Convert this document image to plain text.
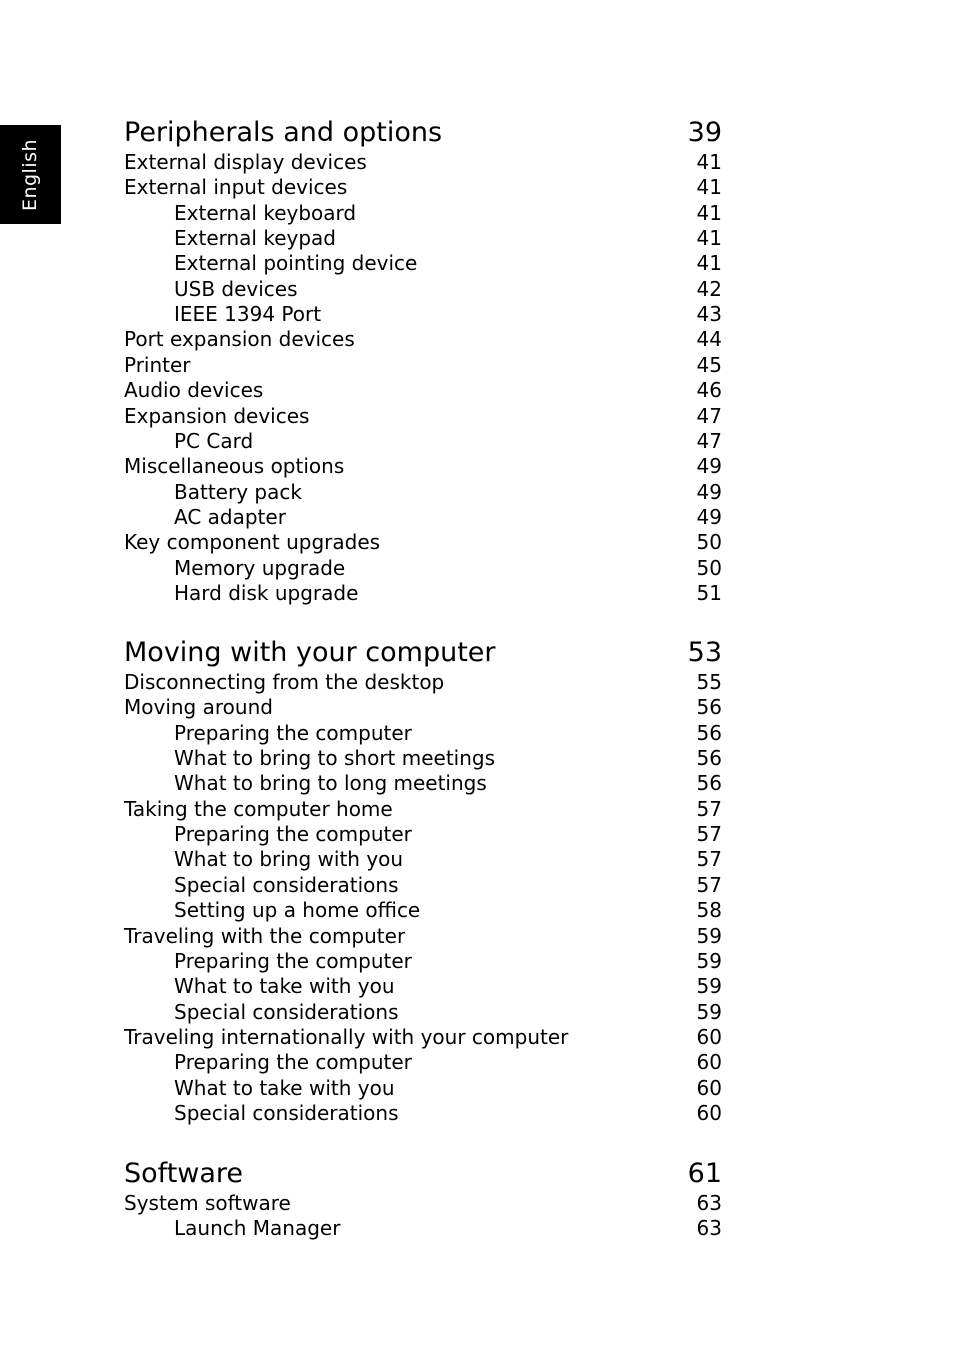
English
Peripherals and options	39
External display devices	41
External input devices	41
External keyboard	41
External keypad	41
External pointing device	41
USB devices	42
IEEE 1394 Port	43
Port expansion devices	44
Printer	45
Audio devices	46
Expansion devices	47
PC Card	47
Miscellaneous options	49
Battery pack	49
AC adapter	49
Key component upgrades	50
Memory upgrade	50
Hard disk upgrade	51
Moving with your computer	53
Disconnecting from the desktop	55
Moving around	56
Preparing the computer	56
What to bring to short meetings	56
What to bring to long meetings	56
Taking the computer home	57
Preparing the computer	57
What to bring with you	57
Special considerations	57
Setting up a home office	58
Traveling with the computer	59
Preparing the computer	59
What to take with you	59
Special considerations	59
Traveling internationally with your computer	60
Preparing the computer	60
What to take with you	60
Special considerations	60
Software	61
System software	63
Launch Manager	63
